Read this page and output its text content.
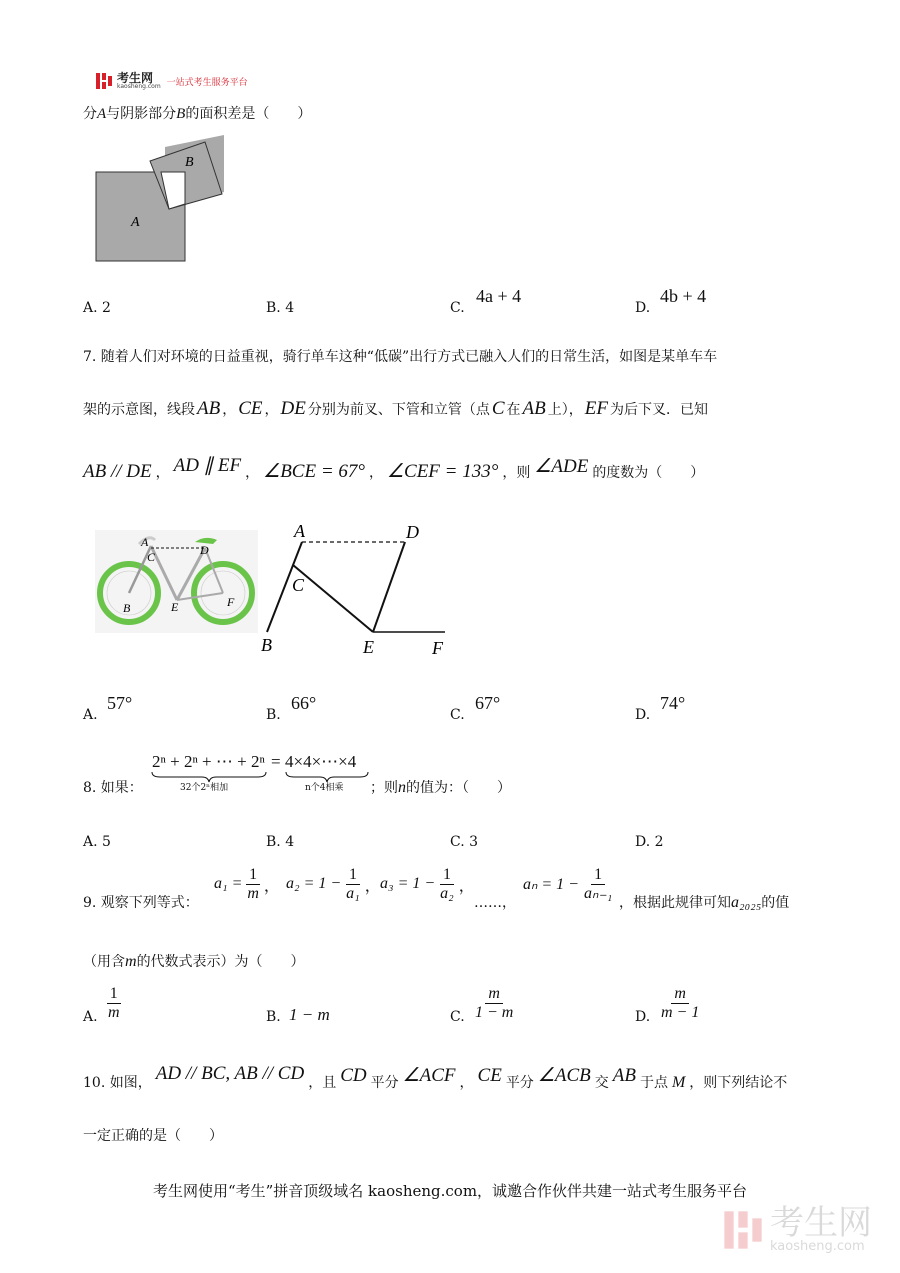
考生网
kaosheng.com 一站式考生服务平台
分A与阴影部分B的面积差是（　　）
B
A
A. 2	B. 4	C.
4a + 4
D.
4b + 4
7. 随着人们对环境的日益重视，骑行单车这种“低碳”出行方式已融入人们的日常生活，如图是某单车车
架的示意图，线段 AB ， CE ， DE 分别为前叉、下管和立管（点 C 在 AB 上）， EF 为后下叉．已知
AB // DE ， AD ∥ EF ， ∠BCE = 67° ， ∠CEF = 133° ，则 ∠ADE 的度数为（　　）
A
C	D
B	E	F
A	D
C
B	E	F
A.
57°
B.
66°
C.
67°
D.
74°
8. 如果：
2ⁿ + 2ⁿ + ⋯ + 2ⁿ = 4×4×⋯×4
32个2ⁿ相加	n个4相乘 ；则n的值为：（　　）
A. 5	B. 4	C. 3	D. 2
9. 观察下列等式：
$a_1 = \frac{1}{m}$ ， $a_2 = 1 - \frac{1}{\text{a₁}}$ ， $a_3 = 1 - \frac{1}{\text{a₂}}$ ，
……，
$a_n = 1 - \frac{1}{\text{aₙ₋₁}}$
，根据此规律可知a₂₀₂₅的值
（用含m的代数式表示）为（　　）
A. $\frac{1}{m}$	B. 1 − m	C. $\frac{m}{1 - m}$	D. $\frac{m}{m - 1}$
10. 如图， AD // BC, AB // CD ，且 CD 平分 ∠ACF ， CE 平分 ∠ACB 交 AB 于点 M ，则下列结论不
一定正确的是（　　）
考生网使用“考生”拼音顶级域名 kaosheng.com，诚邀合作伙伴共建一站式考生服务平台
考生网
kaosheng.com
